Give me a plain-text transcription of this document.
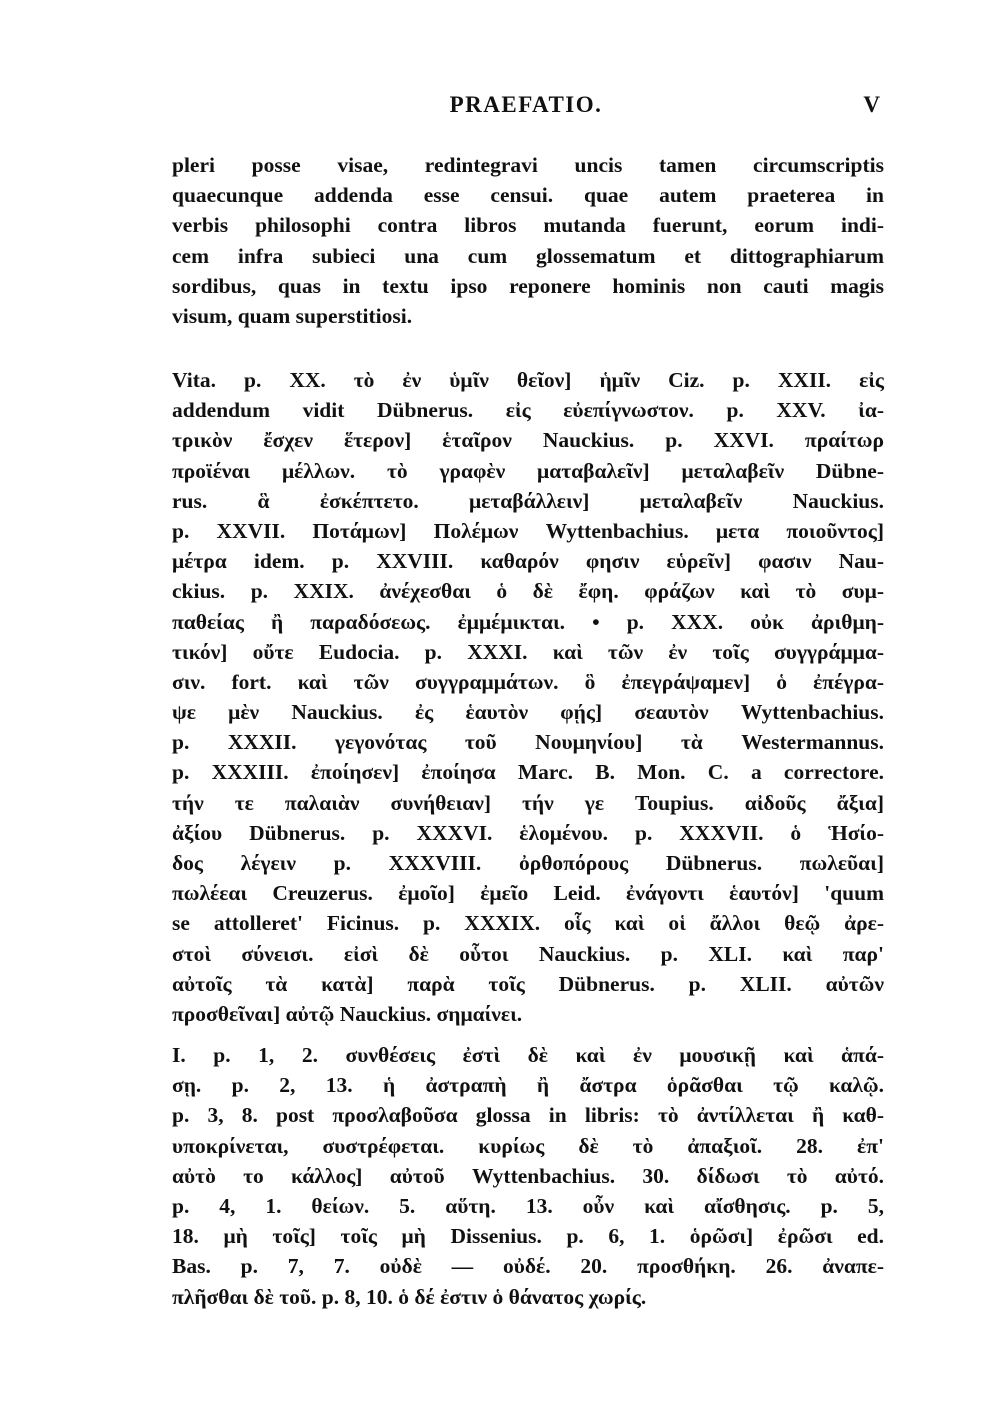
PRAEFATIO.	V
pleri posse visae, redintegravi uncis tamen circumscriptis
quaecunque addenda esse censui. quae autem praeterea in
verbis philosophi contra libros mutanda fuerunt, eorum indi-
cem infra subieci una cum glossematum et dittographiarum
sordibus, quas in textu ipso reponere hominis non cauti magis
visum, quam superstitiosi.
Vita. p. XX. τὸ ἐν ὑμῖν θεῖον] ἡμῖν Ciz. p. XXII. εἰς
addendum vidit Dübnerus. εἰς εὐεπίγνωστον. p. XXV. ἰα-
τρικὸν ἔσχεν ἕτερον] ἑταῖρον Nauckius. p. XXVI. πραίτωρ
προϊέναι μέλλων. τὸ γραφὲν ματαβαλεῖν] μεταλαβεῖν Dübne-
rus. ἃ ἐσκέπτετο. μεταβάλλειν] μεταλαβεῖν Nauckius.
p. XXVII. Ποτάμων] Πολέμων Wyttenbachius. μετα ποιοῦντος]
μέτρα idem. p. XXVIII. καθαρόν φησιν εὑρεῖν] φασιν Nau-
ckius. p. XXIX. ἀνέχεσθαι ὁ δὲ ἔφη. φράζων καὶ τὸ συμ-
παθείας ἢ παραδόσεως. ἐμμέμικται. • p. XXX. οὐκ ἀριθμη-
τικόν] οὔτε Eudocia. p. XXXI. καὶ τῶν ἐν τοῖς συγγράμμα-
σιν. fort. καὶ τῶν συγγραμμάτων. ὃ ἐπεγράψαμεν] ὁ ἐπέγρα-
ψε μὲν Nauckius. ἐς ἑαυτὸν φῄς] σεαυτὸν Wyttenbachius.
p. XXXII. γεγονότας τοῦ Νουμηνίου] τὰ Westermannus.
p. XXXIII. ἐποίησεν] ἐποίησα Marc. B. Mon. C. a correctore.
τήν τε παλαιὰν συνήθειαν] τήν γε Toupius. αἰδοῦς ἄξια]
ἀξίου Dübnerus. p. XXXVI. ἑλομένου. p. XXXVII. ὁ Ἡσίο-
δος λέγειν p. XXXVIII. ὀρθοπόρους Dübnerus. πωλεῦαι]
πωλέεαι Creuzerus. ἐμοῖο] ἐμεῖο Leid. ἐνάγοντι ἑαυτόν] 'quum
se attolleret' Ficinus. p. XXXIX. οἷς καὶ οἱ ἄλλοι θεῷ ἀρε-
στοὶ σύνεισι. εἰσὶ δὲ οὗτοι Nauckius. p. XLI. καὶ παρ'
αὐτοῖς τὰ κατὰ] παρὰ τοῖς Dübnerus. p. XLII. αὐτῶν
προσθεῖναι] αὐτῷ Nauckius. σημαίνει.
I. p. 1, 2. συνθέσεις ἐστὶ δὲ καὶ ἐν μουσικῇ καὶ ἁπά-
σῃ. p. 2, 13. ἡ ἀστραπὴ ἢ ἄστρα ὁρᾶσθαι τῷ καλῷ.
p. 3, 8. post προσλαβοῦσα glossa in libris: τὸ ἀντίλλεται ἢ καθ-
υποκρίνεται, συστρέφεται. κυρίως δὲ τὸ ἀπαξιοῖ. 28. ἐπ'
αὐτὸ το κάλλος] αὐτοῦ Wyttenbachius. 30. δίδωσι τὸ αὐτό.
p. 4, 1. θείων. 5. αὕτη. 13. οὖν καὶ αἴσθησις. p. 5,
18. μὴ τοῖς] τοῖς μὴ Dissenius. p. 6, 1. ὁρῶσι] ἐρῶσι ed.
Bas. p. 7, 7. οὐδὲ — οὐδέ. 20. προσθήκη. 26. ἀναπε-
πλῆσθαι δὲ τοῦ. p. 8, 10. ὁ δέ ἐστιν ὁ θάνατος χωρίς.
